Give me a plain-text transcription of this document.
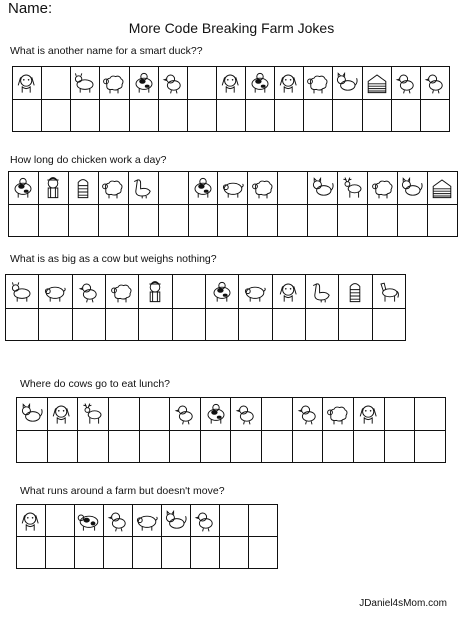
Name:
More Code Breaking Farm Jokes
What is another name for a smart duck??

How long do chicken work a day?

What is as big as a cow but weighs nothing?

Where do cows go to eat lunch?

What runs around a farm but doesn't move?

JDaniel4sMom.com
